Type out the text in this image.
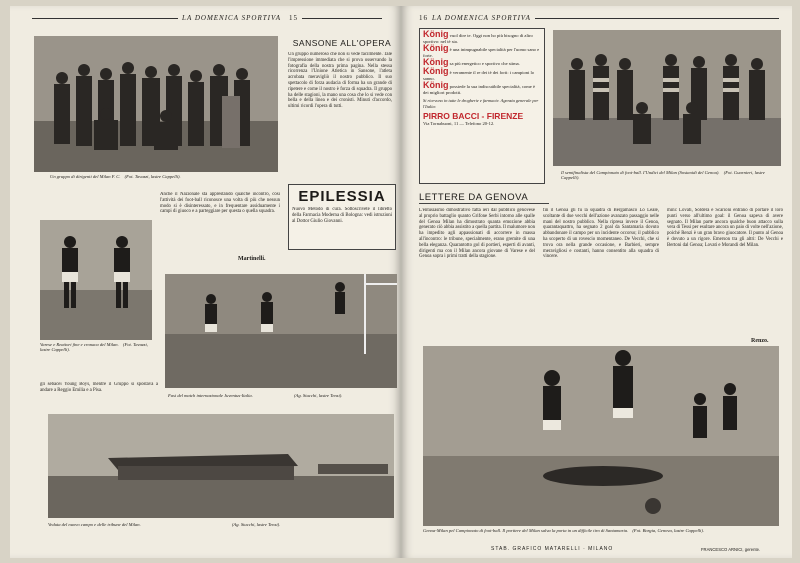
LA DOMENICA SPORTIVA 15
Un gruppo di dirigenti del Milan F. C. (Fot. Tavazzi, lastre Cappelli).
SANSONE ALL'OPERA
Un gruppo numeroso che non si vede facilmente. Tale l'impressione immediata che si prova osservando la fotografia della nostra prima pagina. Nella stessa ricorrenza l'Unione Atletica in Sansone, l'atleta acrobata meravigliò il nostro pubblico. Il suo spettacolo di forza audacia di forma ha un grande di ripetere e come il nostro è forza di squadra. Il gruppo ha delle stagioni, la mano una cosa che lo si vede con bella e della linea e dei cronisti. Minuti d'accordo, ultimi ricordi l'opera di tutti.
Anche il Nazionale sta apprestando qualche incontro, così l'attività dei foot-ball riconosce una volta di più che nessun modo si è disinteressato, e in frequentare assiduamente i campi di giuoco e a parteggiare per questa o quella squadra.
Martinelli.
EPILESSIA
Nuovo Metodo di cura. Sottoscrivete il libretto della Farmacia Moderna di Bologna: vedi istruzioni al Dottor Giulio Giovanni.
Varese e Reattori fine e cronaca del Milan. (Fot. Tavazzi, lastre Cappelli).
Fasi del match internazionale Juventus-Italia.	(Ag. Stucchi, lastre Tensi).
gli sebacei Young Boys, mentre il Gruppo si spostava a andare a Reggio Emilia e a Pisa.
Veduta del nuovo campo e delle tribune del Milan.	(Ag. Stucchi, lastre Tensi).
16 LA DOMENICA SPORTIVA
König vuol dire te. Oggi non ho più bisogno di altro sportivo: nel tè sta.
König è una inimpugnabile specialità per l'uomo sano e forte.
König sa più energetico e sportivo che stima.
König è veramente il re dei tè dei forti: i campioni lo sanno.
König possiede la sua indiscutibile specialità, come è dei migliori prodotti.
Si ricevono in tutte le drogherie e farmacie. Agenzia generale per l'Italia:
PIRRO BACCI - FIRENZE
Via Tornabuoni, 11 — Telefono 20-12.
Il semifinalista del Campionato di foot-ball. I'Undici del Milan (Sostaoidi del Genoa). (Fot. Guarnieri, lastre Cappelli).
LETTERE DA GENOVA
L'entusiasmo dimostrativo fatta ieri dal pubblico genovese al proprio battaglio quanto Grifone Serbi intorno alle spalle del Genoa Milan ha dimostrato quanta emozione abbia generato ciò abbia assistito a quella partita. Il malumore non ha impedito agli appassionati di accorrere in massa all'incontro: le tribune, specialmente, erano gremite di una bella eleganza. Quarantotto gol di portieri, esperti di avanti, dirigenti ma con il Milan ancora giovane di Varese e del Genoa sopra i primi tratti della stagione.
fin il Genoa gli fu la squadra di Bergamasco Lo Leale, scoltante di due vecchi dell'azione avanzato passaggio nelle mani del nostro pubblico. Nella ripresa invece il Genoa, quarantaquattro, ha segnato 2 goal da Santamaria dovuto abbandonare il campo per un incidente occorso; il pubblico ha scoperto di un rovescio momentaneo. De Vecchi, che si trova ora nella grande occasione, e Barbieri, sempre meravigliosi e costanti, hanno consentito alla squadra di vincere.
mini: Lovati, Soldera e Scarioni entrano di portare il loro punti verso all'ultimo goal: il Genoa sapeva di avere segnato. Il Milan parte ancora qualche buon attacco sulla vera di Tessi per esultare ancora un paio di volte nell'azione, poiché Renzi è un gran bravo giuocatore. Il punto al Genoa è dovuto a un rigore. Emerson tra gli altri: De Vecchi e Bertoni dal Genoa; Lovati e Morandi del Milan.
Renzo.
Genoa-Milan pel Campionato di foot-ball. Il portiere del Milan salva la porta in un difficile tiro di Santamaria. (Fot. Borgia, Genova, lastre Cappelli).
STAB. GRAFICO MATARELLI · MILANO	FRANCESCO ARNICI, gerente.
